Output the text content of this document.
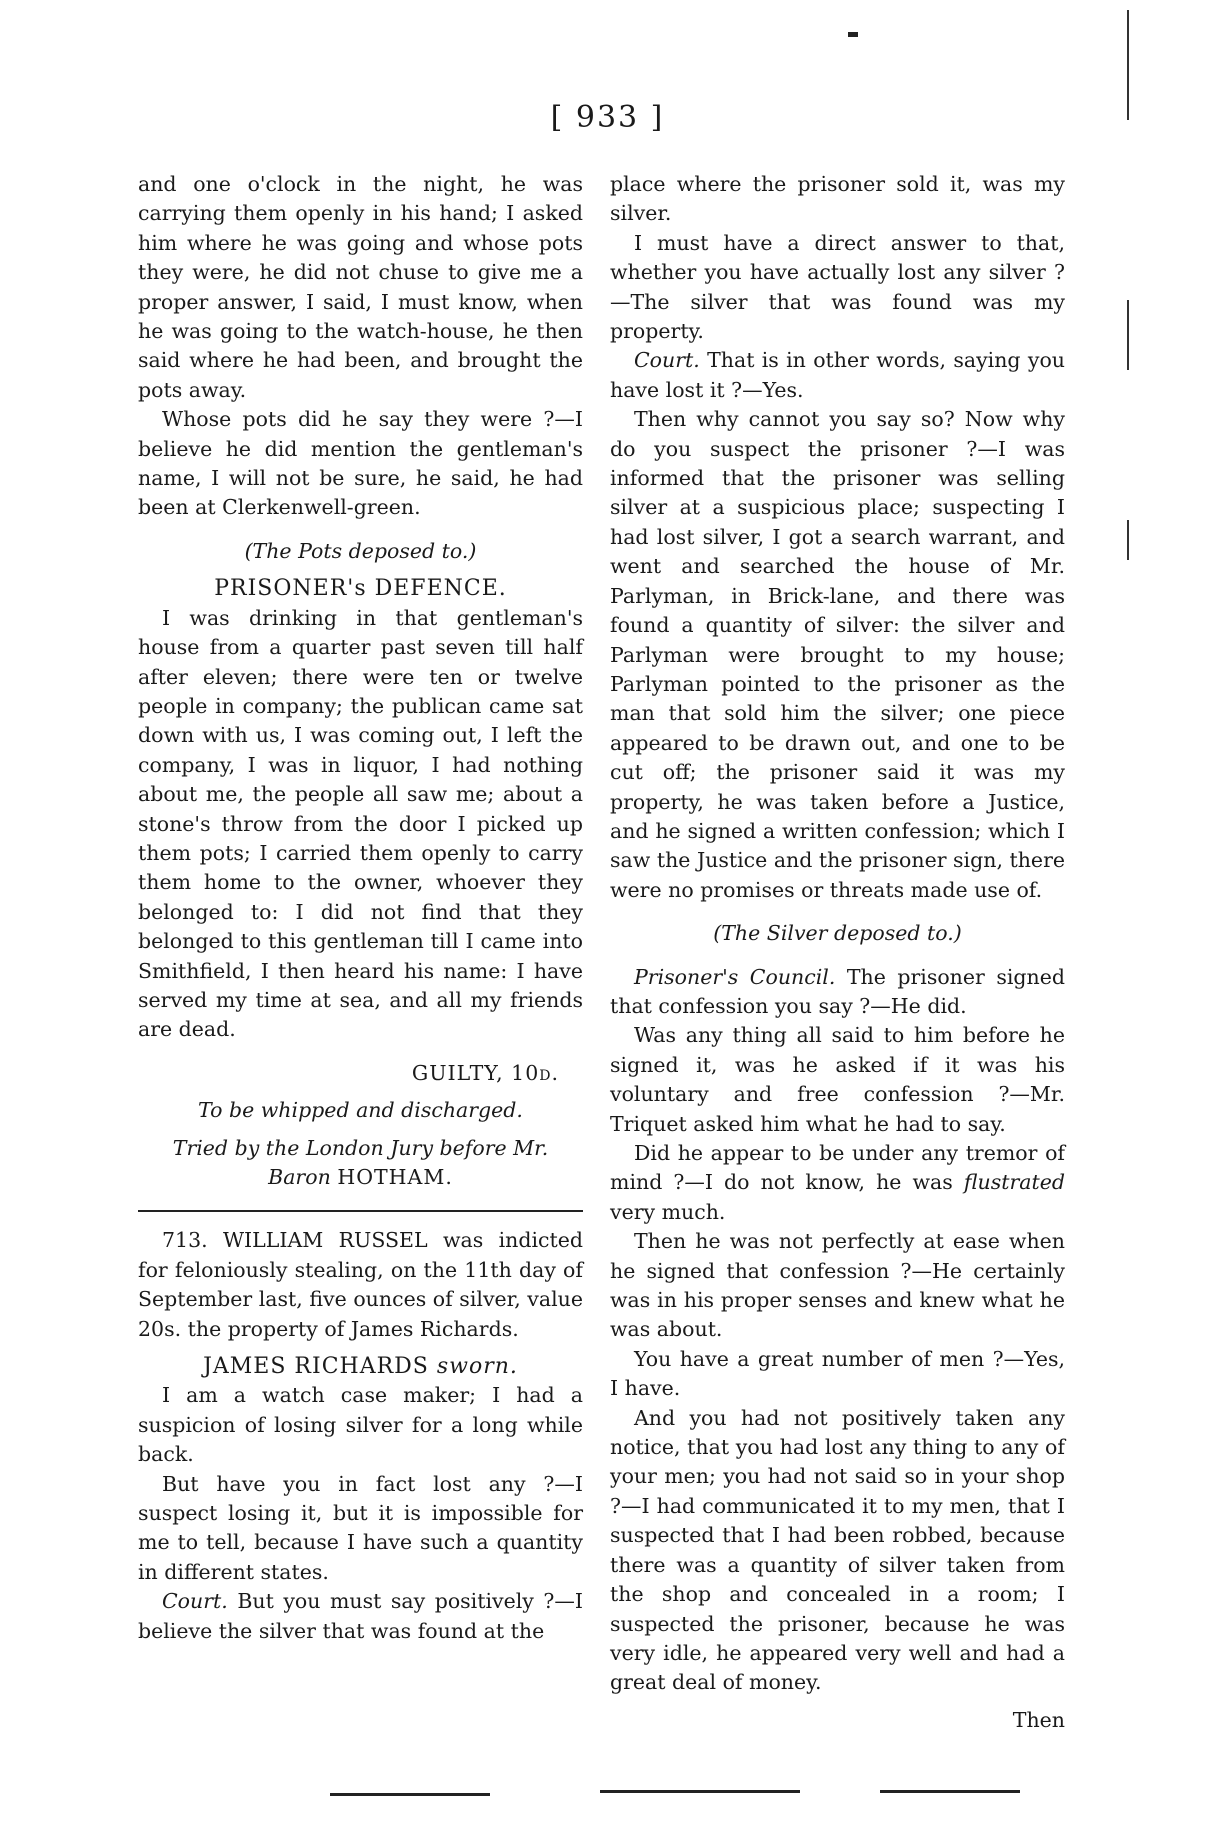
[ 933 ]

and one o'clock in the night, he was carrying them openly in his hand; I asked him where he was going and whose pots they were, he did not chuse to give me a proper answer, I said, I must know, when he was going to the watch-house, he then said where he had been, and brought the pots away.

Whose pots did he say they were ?—I believe he did mention the gentleman's name, I will not be sure, he said, he had been at Clerkenwell-green.

(The Pots deposed to.)

PRISONER's DEFENCE.

I was drinking in that gentleman's house from a quarter past seven till half after eleven; there were ten or twelve people in company; the publican came sat down with us, I was coming out, I left the company, I was in liquor, I had nothing about me, the people all saw me; about a stone's throw from the door I picked up them pots; I carried them openly to carry them home to the owner, whoever they belonged to: I did not find that they belonged to this gentleman till I came into Smithfield, I then heard his name: I have served my time at sea, and all my friends are dead.

GUILTY, 10d.

To be whipped and discharged.

Tried by the London Jury before Mr.

Baron HOTHAM.

713. WILLIAM RUSSEL was indicted for feloniously stealing, on the 11th day of September last, five ounces of silver, value 20s. the property of James Richards.

JAMES RICHARDS sworn.

I am a watch case maker; I had a suspicion of losing silver for a long while back.

But have you in fact lost any ?—I suspect losing it, but it is impossible for me to tell, because I have such a quantity in different states.

Court. But you must say positively ?—I believe the silver that was found at the

place where the prisoner sold it, was my silver.

I must have a direct answer to that, whether you have actually lost any silver ?—The silver that was found was my property.

Court. That is in other words, saying you have lost it ?—Yes.

Then why cannot you say so? Now why do you suspect the prisoner ?—I was informed that the prisoner was selling silver at a suspicious place; suspecting I had lost silver, I got a search warrant, and went and searched the house of Mr. Parlyman, in Brick-lane, and there was found a quantity of silver: the silver and Parlyman were brought to my house; Parlyman pointed to the prisoner as the man that sold him the silver; one piece appeared to be drawn out, and one to be cut off; the prisoner said it was my property, he was taken before a Justice, and he signed a written confession; which I saw the Justice and the prisoner sign, there were no promises or threats made use of.

(The Silver deposed to.)

Prisoner's Council. The prisoner signed that confession you say ?—He did.

Was any thing all said to him before he signed it, was he asked if it was his voluntary and free confession ?—Mr. Triquet asked him what he had to say.

Did he appear to be under any tremor of mind ?—I do not know, he was flustrated very much.

Then he was not perfectly at ease when he signed that confession ?—He certainly was in his proper senses and knew what he was about.

You have a great number of men ?—Yes, I have.

And you had not positively taken any notice, that you had lost any thing to any of your men; you had not said so in your shop ?—I had communicated it to my men, that I suspected that I had been robbed, because there was a quantity of silver taken from the shop and concealed in a room; I suspected the prisoner, because he was very idle, he appeared very well and had a great deal of money.

Then
